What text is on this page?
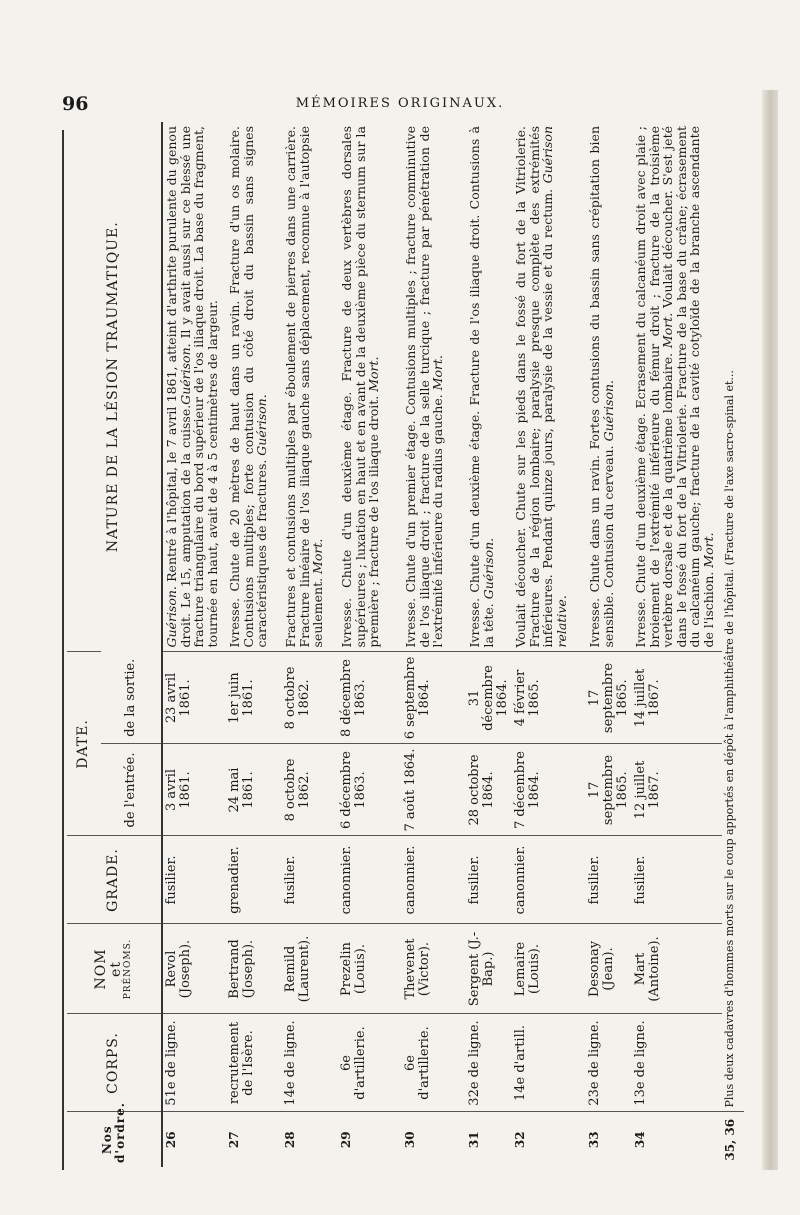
96	MÉMOIRES ORIGINAUX.
Nos d'ordre.	CORPS.	NOM et PRÉNOMS.	GRADE.	DATE.		NATURE DE LA LÉSION TRAUMATIQUE.
				de l'entrée.	de la sortie.	
26	51e de ligne.	Revol (Joseph).	fusilier.	3 avril 1861.	23 avril 1861.	Guérison. Rentré à l'hôpital, le 7 avril 1861, atteint d'arthrite purulente du genou droit. Le 15, amputation de la cuisse.Guérison. Il y avait aussi sur ce blessé une fracture triangulaire du bord supérieur de l'os iliaque droit. La base du fragment, tournée en haut, avait de 4 à 5 centimètres de largeur.
27	recrutement de l'Isère.	Bertrand (Joseph).	grenadier.	24 mai 1861.	1er juin 1861.	Ivresse. Chute de 20 mètres de haut dans un ravin. Fracture d'un os molaire. Contusions multiples; forte contusion du côté droit du bassin sans signes caractéristiques de fractures. Guérison.
28	14e de ligne.	Remild (Laurent).	fusilier.	8 octobre 1862.	8 octobre 1862.	Fractures et contusions multiples par éboulement de pierres dans une carrière. Fracture linéaire de l'os iliaque gauche sans déplacement, reconnue à l'autopsie seulement. Mort.
29	6e d'artillerie.	Prezelin (Louis).	canonnier.	6 décembre 1863.	8 décembre 1863.	Ivresse. Chute d'un deuxième étage. Fracture de deux vertèbres dorsales supérieures ; luxation en haut et en avant de la deuxième pièce du sternum sur la première ; fracture de l'os iliaque droit. Mort.
30	6e d'artillerie.	Thevenet (Victor).	canonnier.	7 août 1864.	6 septembre 1864.	Ivresse. Chute d'un premier étage. Contusions multiples ; fracture comminutive de l'os iliaque droit ; fracture de la selle turcique ; fracture par pénétration de l'extrémité inférieure du radius gauche. Mort.
31	32e de ligne.	Sergent (J.-Bap.)	fusilier.	28 octobre 1864.	31 décembre 1864.	Ivresse. Chute d'un deuxième étage. Fracture de l'os iliaque droit. Contusions à la tête. Guérison.
32	14e d'artill.	Lemaire (Louis).	canonnier.	7 décembre 1864.	4 février 1865.	Voulait découcher. Chute sur les pieds dans le fossé du fort de la Vitriolerie. Fracture de la région lombaire; paralysie presque complète des extrémités inférieures. Pendant quinze jours, paralysie de la vessie et du rectum. Guérison relative.
33	23e de ligne.	Desonay (Jean).	fusilier.	17 septembre 1865.	17 septembre 1865.	Ivresse. Chute dans un ravin. Fortes contusions du bassin sans crépitation bien sensible. Contusion du cerveau. Guérison.
34	13e de ligne.	Mart (Antoine).	fusilier.	12 juillet 1867.	14 juillet 1867.	Ivresse. Chute d'un deuxième étage. Ecrasement du calcanéum droit avec plaie ; broiement de l'extrémité inférieure du fémur droit ; fracture de la troisième vertèbre dorsale et de la quatrième lombaire. Mort. Voulait découcher. S'est jeté dans le fossé du fort de la Vitriolerie. Fracture de la base du crâne; écrasement du calcanéum gauche; fracture de la cavité cotyloïde de la branche ascendante de l'ischion. Mort.
35, 36	Plus deux cadavres d'hommes morts sur le coup apportés en dépôt à l'amphithéâtre de l'hôpital. (Fracture de l'axe sacro-spinal et...					
